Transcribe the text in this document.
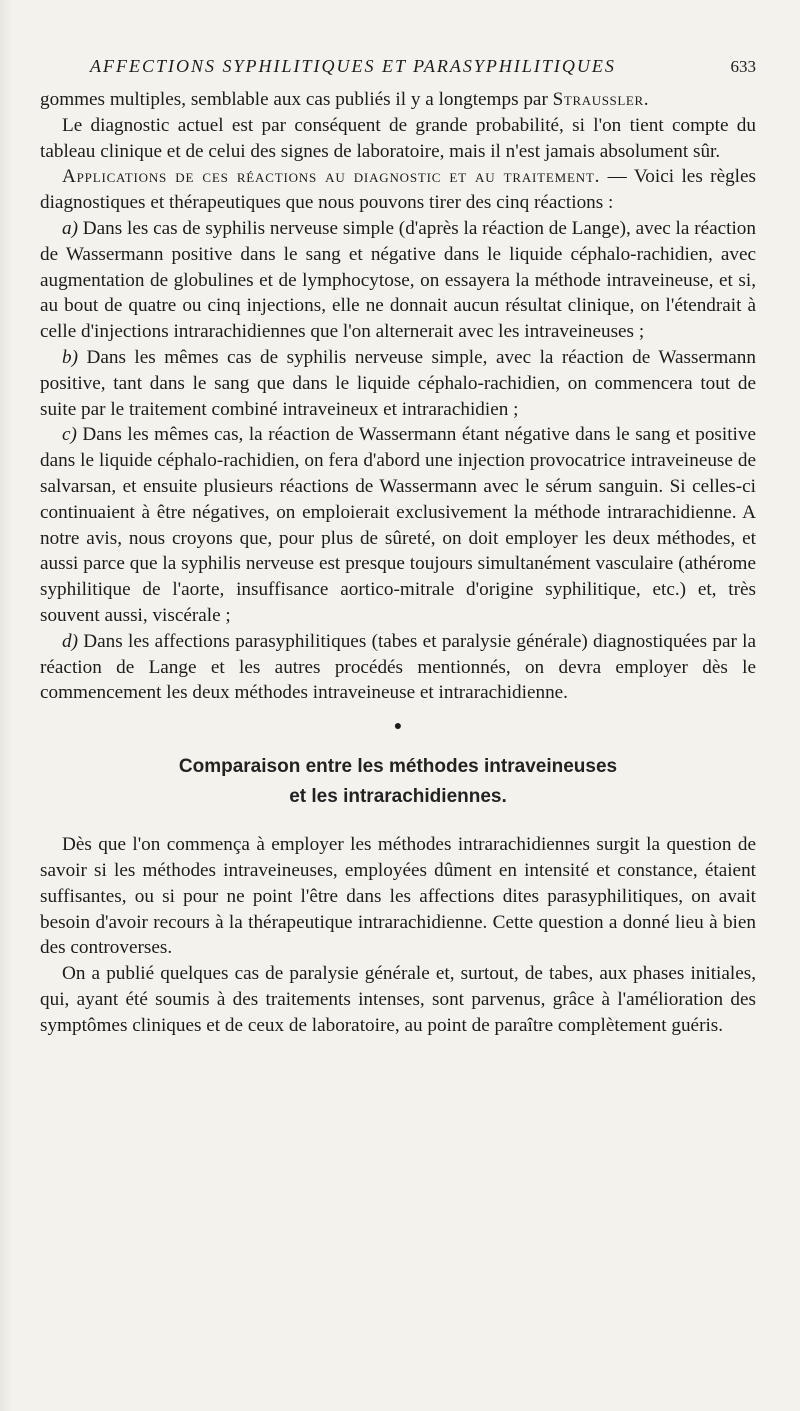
AFFECTIONS SYPHILITIQUES ET PARASYPHILITIQUES	633

gommes multiples, semblable aux cas publiés il y a longtemps par Straussler.

Le diagnostic actuel est par conséquent de grande probabilité, si l'on tient compte du tableau clinique et de celui des signes de laboratoire, mais il n'est jamais absolument sûr.

Applications de ces réactions au diagnostic et au traitement. — Voici les règles diagnostiques et thérapeutiques que nous pouvons tirer des cinq réactions :

a) Dans les cas de syphilis nerveuse simple (d'après la réaction de Lange), avec la réaction de Wassermann positive dans le sang et négative dans le liquide céphalo-rachidien, avec augmentation de globulines et de lymphocytose, on essayera la méthode intraveineuse, et si, au bout de quatre ou cinq injections, elle ne donnait aucun résultat clinique, on l'étendrait à celle d'injections intrarachidiennes que l'on alternerait avec les intraveineuses ;

b) Dans les mêmes cas de syphilis nerveuse simple, avec la réaction de Wassermann positive, tant dans le sang que dans le liquide céphalo-rachidien, on commencera tout de suite par le traitement combiné intraveineux et intrarachidien ;

c) Dans les mêmes cas, la réaction de Wassermann étant négative dans le sang et positive dans le liquide céphalo-rachidien, on fera d'abord une injection provocatrice intraveineuse de salvarsan, et ensuite plusieurs réactions de Wassermann avec le sérum sanguin. Si celles-ci continuaient à être négatives, on emploierait exclusivement la méthode intrarachidienne. A notre avis, nous croyons que, pour plus de sûreté, on doit employer les deux méthodes, et aussi parce que la syphilis nerveuse est presque toujours simultanément vasculaire (athérome syphilitique de l'aorte, insuffisance aortico-mitrale d'origine syphilitique, etc.) et, très souvent aussi, viscérale ;

d) Dans les affections parasyphilitiques (tabes et paralysie générale) diagnostiquées par la réaction de Lange et les autres procédés mentionnés, on devra employer dès le commencement les deux méthodes intraveineuse et intrarachidienne.

●
Comparaison entre les méthodes intraveineuses
et les intrarachidiennes.

Dès que l'on commença à employer les méthodes intrarachidiennes surgit la question de savoir si les méthodes intraveineuses, employées dûment en intensité et constance, étaient suffisantes, ou si pour ne point l'être dans les affections dites parasyphilitiques, on avait besoin d'avoir recours à la thérapeutique intrarachidienne. Cette question a donné lieu à bien des controverses.

On a publié quelques cas de paralysie générale et, surtout, de tabes, aux phases initiales, qui, ayant été soumis à des traitements intenses, sont parvenus, grâce à l'amélioration des symptômes cliniques et de ceux de laboratoire, au point de paraître complètement guéris.
